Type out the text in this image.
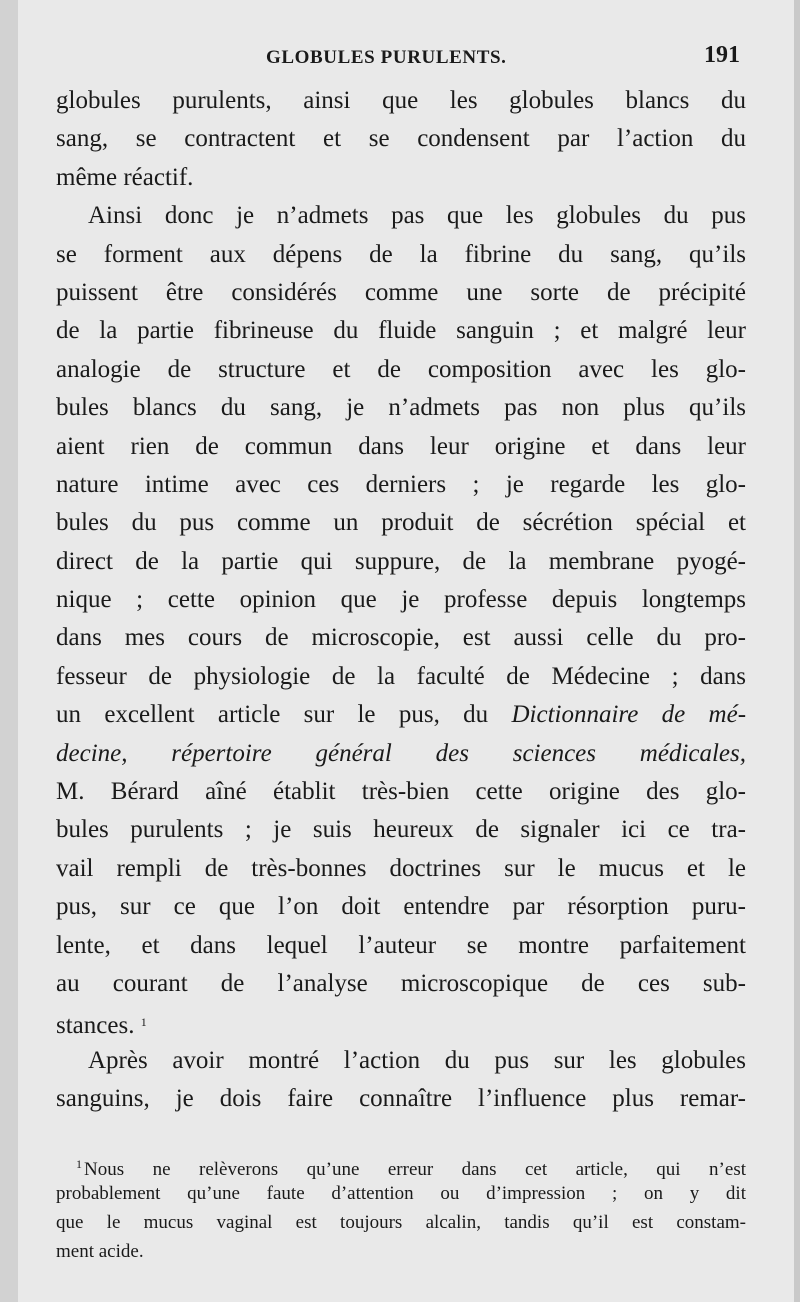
GLOBULES PURULENTS.	191
globules purulents, ainsi que les globules blancs du
sang, se contractent et se condensent par l’action du
même réactif.
Ainsi donc je n’admets pas que les globules du pus
se forment aux dépens de la fibrine du sang, qu’ils
puissent être considérés comme une sorte de précipité
de la partie fibrineuse du fluide sanguin ; et malgré leur
analogie de structure et de composition avec les glo-
bules blancs du sang, je n’admets pas non plus qu’ils
aient rien de commun dans leur origine et dans leur
nature intime avec ces derniers ; je regarde les glo-
bules du pus comme un produit de sécrétion spécial et
direct de la partie qui suppure, de la membrane pyogé-
nique ; cette opinion que je professe depuis longtemps
dans mes cours de microscopie, est aussi celle du pro-
fesseur de physiologie de la faculté de Médecine ; dans
un excellent article sur le pus, du Dictionnaire de mé-
decine, répertoire général des sciences médicales,
M. Bérard aîné établit très-bien cette origine des glo-
bules purulents ; je suis heureux de signaler ici ce tra-
vail rempli de très-bonnes doctrines sur le mucus et le
pus, sur ce que l’on doit entendre par résorption puru-
lente, et dans lequel l’auteur se montre parfaitement
au courant de l’analyse microscopique de ces sub-
stances. $^1$
Après avoir montré l’action du pus sur les globules
sanguins, je dois faire connaître l’influence plus remar-
$^1$ Nous ne relèverons qu’une erreur dans cet article, qui n’est
probablement qu’une faute d’attention ou d’impression ; on y dit
que le mucus vaginal est toujours alcalin, tandis qu’il est constam-
ment acide.
